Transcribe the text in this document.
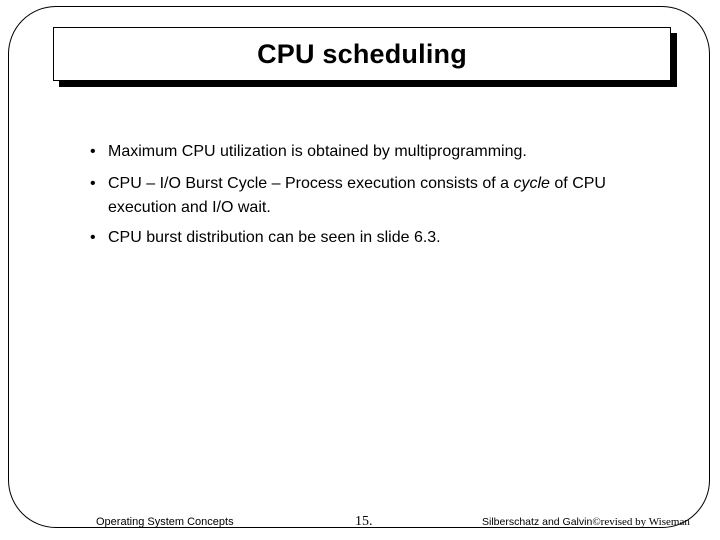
CPU scheduling
• Maximum CPU utilization is obtained by multiprogramming.
• CPU – I/O Burst Cycle – Process execution consists of a cycle of CPU execution and I/O wait.
• CPU burst distribution can be seen in slide 6.3.
Operating System Concepts	15.	Silberschatz and Galvin©revised by Wiseman
